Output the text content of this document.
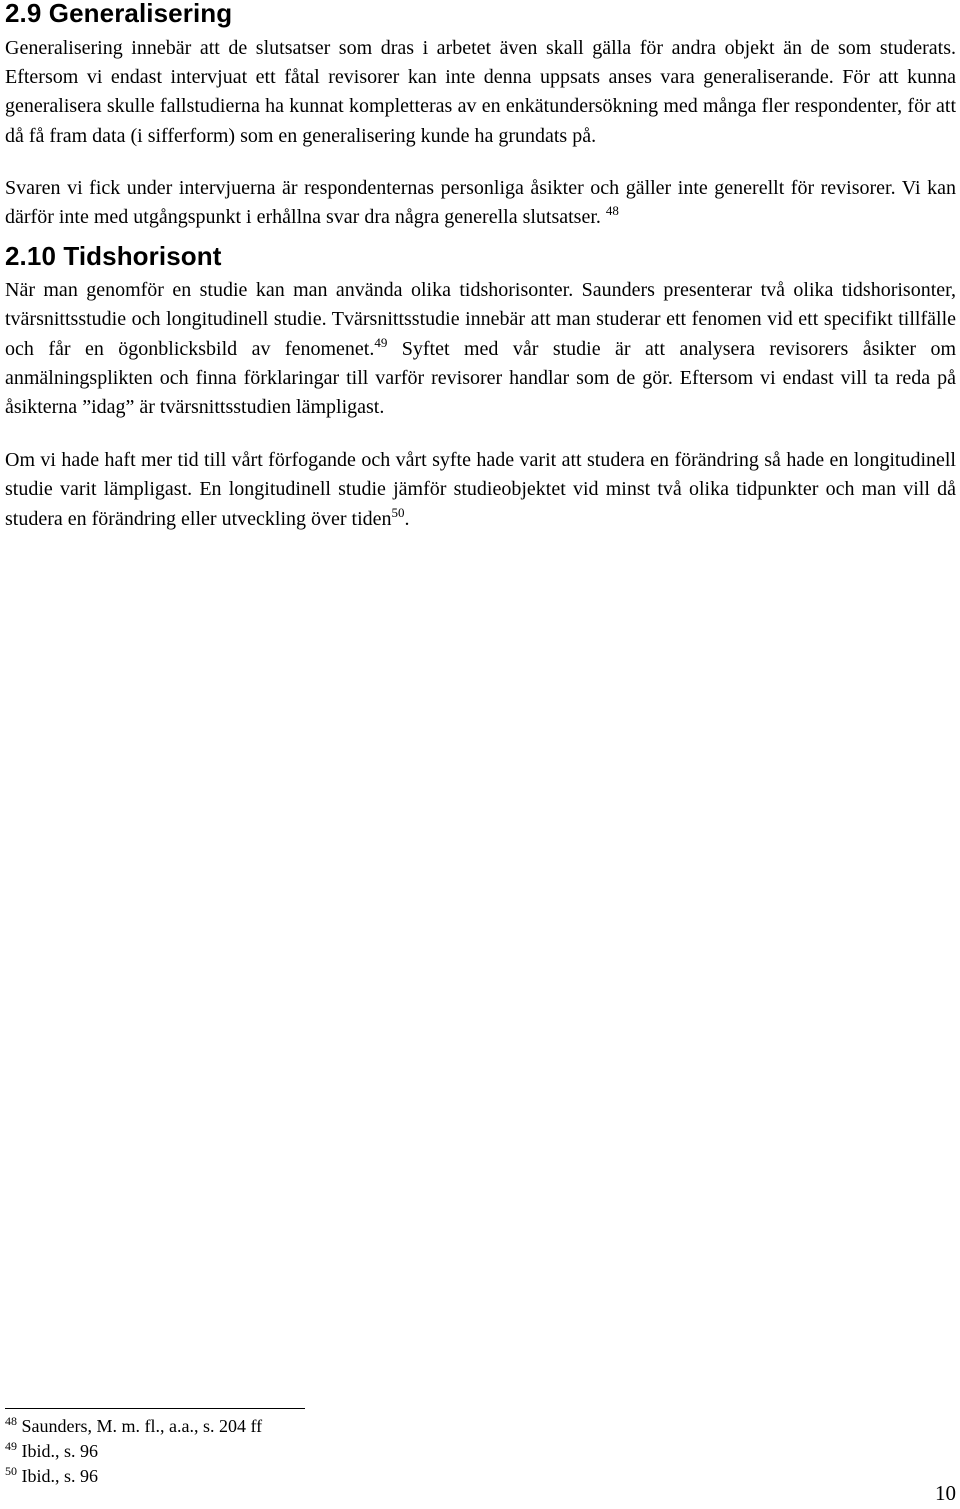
2.9 Generalisering

Generalisering innebär att de slutsatser som dras i arbetet även skall gälla för andra objekt än de som studerats. Eftersom vi endast intervjuat ett fåtal revisorer kan inte denna uppsats anses vara generaliserande. För att kunna generalisera skulle fallstudierna ha kunnat kompletteras av en enkätundersökning med många fler respondenter, för att då få fram data (i sifferform) som en generalisering kunde ha grundats på.

Svaren vi fick under intervjuerna är respondenternas personliga åsikter och gäller inte generellt för revisorer. Vi kan därför inte med utgångspunkt i erhållna svar dra några generella slutsatser. $^{48}$

2.10 Tidshorisont

När man genomför en studie kan man använda olika tidshorisonter. Saunders presenterar två olika tidshorisonter, tvärsnittsstudie och longitudinell studie. Tvärsnittsstudie innebär att man studerar ett fenomen vid ett specifikt tillfälle och får en ögonblicksbild av fenomenet.$^{49}$ Syftet med vår studie är att analysera revisorers åsikter om anmälningsplikten och finna förklaringar till varför revisorer handlar som de gör. Eftersom vi endast vill ta reda på åsikterna ”idag” är tvärsnittsstudien lämpligast.

Om vi hade haft mer tid till vårt förfogande och vårt syfte hade varit att studera en förändring så hade en longitudinell studie varit lämpligast. En longitudinell studie jämför studieobjektet vid minst två olika tidpunkter och man vill då studera en förändring eller utveckling över tiden$^{50}$.

$^{48}$ Saunders, M. m. fl., a.a., s. 204 ff
$^{49}$ Ibid., s. 96
$^{50}$ Ibid., s. 96
10
